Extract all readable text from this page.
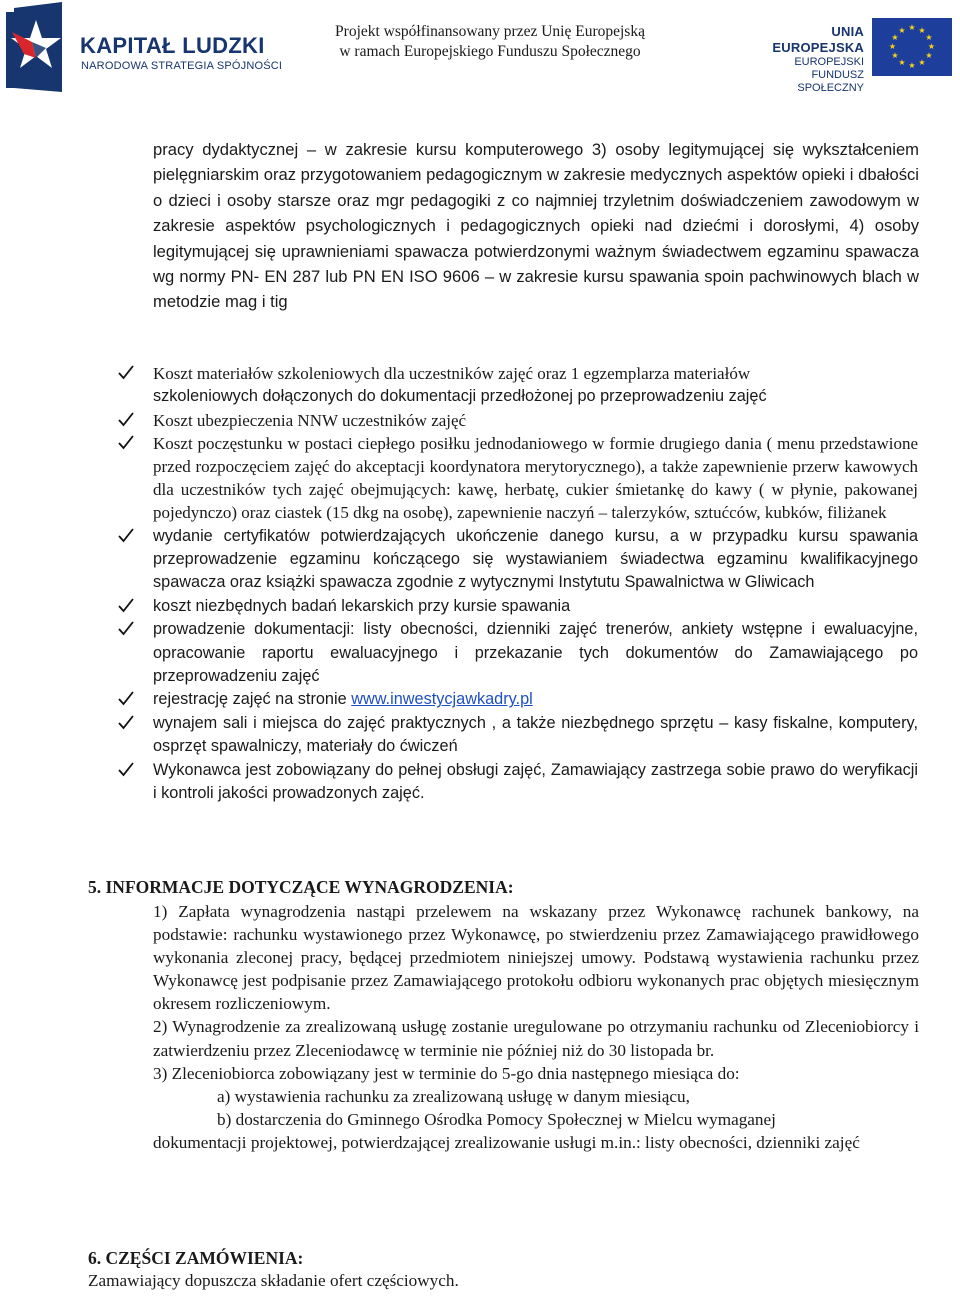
KAPITAŁ LUDZKI
NARODOWA STRATEGIA SPÓJNOŚCI
Projekt współfinansowany przez Unię Europejską
w ramach Europejskiego Funduszu Społecznego
UNIA EUROPEJSKA
EUROPEJSKI
FUNDUSZ SPOŁECZNY
★ ★
★
★
★
★
★
★
★
★
★
★

pracy dydaktycznej – w zakresie kursu komputerowego 3) osoby legitymującej się wykształceniem pielęgniarskim oraz przygotowaniem pedagogicznym w zakresie medycznych aspektów opieki i dbałości o dzieci i osoby starsze oraz mgr pedagogiki z co najmniej trzyletnim doświadczeniem zawodowym w zakresie aspektów psychologicznych i pedagogicznych opieki nad dziećmi i dorosłymi, 4) osoby legitymującej się uprawnieniami spawacza potwierdzonymi ważnym świadectwem egzaminu spawacza wg normy PN- EN 287 lub PN EN ISO 9606 – w zakresie kursu spawania spoin pachwinowych blach w metodzie mag i tig

Koszt materiałów szkoleniowych dla uczestników zajęć oraz 1 egzemplarza materiałów
szkoleniowych dołączonych do dokumentacji przedłożonej po przeprowadzeniu zajęć
Koszt ubezpieczenia NNW uczestników zajęć
Koszt poczęstunku w postaci ciepłego posiłku jednodaniowego w formie drugiego dania ( menu przedstawione przed rozpoczęciem zajęć do akceptacji koordynatora merytorycznego), a także zapewnienie przerw kawowych dla uczestników tych zajęć obejmujących: kawę, herbatę, cukier śmietankę do kawy ( w płynie, pakowanej pojedynczo) oraz ciastek (15 dkg na osobę), zapewnienie naczyń – talerzyków, sztućców, kubków, filiżanek
wydanie certyfikatów potwierdzających ukończenie danego kursu, a w przypadku kursu spawania przeprowadzenie egzaminu kończącego się wystawianiem świadectwa egzaminu kwalifikacyjnego spawacza oraz książki spawacza zgodnie z wytycznymi Instytutu Spawalnictwa w Gliwicach
koszt niezbędnych badań lekarskich przy kursie spawania
prowadzenie dokumentacji: listy obecności, dzienniki zajęć trenerów, ankiety wstępne i ewaluacyjne, opracowanie raportu ewaluacyjnego i przekazanie tych dokumentów do Zamawiającego po przeprowadzeniu zajęć
rejestrację zajęć na stronie www.inwestycjawkadry.pl
wynajem sali i miejsca do zajęć praktycznych , a także niezbędnego sprzętu – kasy fiskalne, komputery, osprzęt spawalniczy, materiały do ćwiczeń
Wykonawca jest zobowiązany do pełnej obsługi zajęć, Zamawiający zastrzega sobie prawo do weryfikacji i kontroli jakości prowadzonych zajęć.
5. INFORMACJE DOTYCZĄCE WYNAGRODZENIA:

1) Zapłata wynagrodzenia nastąpi przelewem na wskazany przez Wykonawcę rachunek bankowy, na podstawie: rachunku wystawionego przez Wykonawcę, po stwierdzeniu przez Zamawiającego prawidłowego wykonania zleconej pracy, będącej przedmiotem niniejszej umowy. Podstawą wystawienia rachunku przez Wykonawcę jest podpisanie przez Zamawiającego protokołu odbioru wykonanych prac objętych miesięcznym okresem rozliczeniowym.

2) Wynagrodzenie za zrealizowaną usługę zostanie uregulowane po otrzymaniu rachunku od Zleceniobiorcy i zatwierdzeniu przez Zleceniodawcę w terminie nie później niż do 30 listopada br.

3) Zleceniobiorca zobowiązany jest w terminie do 5-go dnia następnego miesiąca do:

a) wystawienia rachunku za zrealizowaną usługę w danym miesiącu,

b) dostarczenia do Gminnego Ośrodka Pomocy Społecznej w Mielcu wymaganej

dokumentacji projektowej, potwierdzającej zrealizowanie usługi m.in.: listy obecności, dzienniki zajęć

6. CZĘŚCI ZAMÓWIENIA:
Zamawiający dopuszcza składanie ofert częściowych.
